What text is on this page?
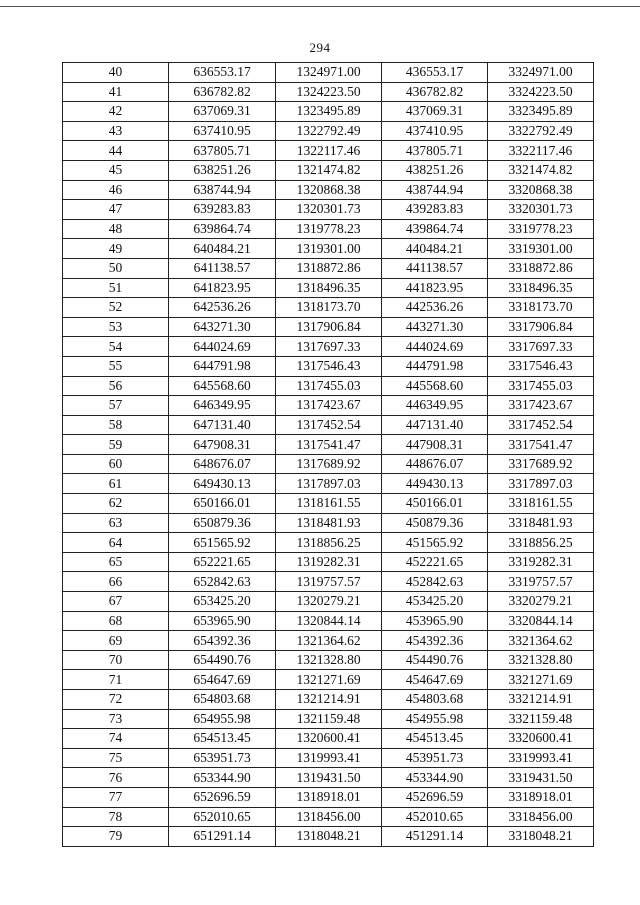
294
40	636553.17	1324971.00	436553.17	3324971.00
41	636782.82	1324223.50	436782.82	3324223.50
42	637069.31	1323495.89	437069.31	3323495.89
43	637410.95	1322792.49	437410.95	3322792.49
44	637805.71	1322117.46	437805.71	3322117.46
45	638251.26	1321474.82	438251.26	3321474.82
46	638744.94	1320868.38	438744.94	3320868.38
47	639283.83	1320301.73	439283.83	3320301.73
48	639864.74	1319778.23	439864.74	3319778.23
49	640484.21	1319301.00	440484.21	3319301.00
50	641138.57	1318872.86	441138.57	3318872.86
51	641823.95	1318496.35	441823.95	3318496.35
52	642536.26	1318173.70	442536.26	3318173.70
53	643271.30	1317906.84	443271.30	3317906.84
54	644024.69	1317697.33	444024.69	3317697.33
55	644791.98	1317546.43	444791.98	3317546.43
56	645568.60	1317455.03	445568.60	3317455.03
57	646349.95	1317423.67	446349.95	3317423.67
58	647131.40	1317452.54	447131.40	3317452.54
59	647908.31	1317541.47	447908.31	3317541.47
60	648676.07	1317689.92	448676.07	3317689.92
61	649430.13	1317897.03	449430.13	3317897.03
62	650166.01	1318161.55	450166.01	3318161.55
63	650879.36	1318481.93	450879.36	3318481.93
64	651565.92	1318856.25	451565.92	3318856.25
65	652221.65	1319282.31	452221.65	3319282.31
66	652842.63	1319757.57	452842.63	3319757.57
67	653425.20	1320279.21	453425.20	3320279.21
68	653965.90	1320844.14	453965.90	3320844.14
69	654392.36	1321364.62	454392.36	3321364.62
70	654490.76	1321328.80	454490.76	3321328.80
71	654647.69	1321271.69	454647.69	3321271.69
72	654803.68	1321214.91	454803.68	3321214.91
73	654955.98	1321159.48	454955.98	3321159.48
74	654513.45	1320600.41	454513.45	3320600.41
75	653951.73	1319993.41	453951.73	3319993.41
76	653344.90	1319431.50	453344.90	3319431.50
77	652696.59	1318918.01	452696.59	3318918.01
78	652010.65	1318456.00	452010.65	3318456.00
79	651291.14	1318048.21	451291.14	3318048.21
